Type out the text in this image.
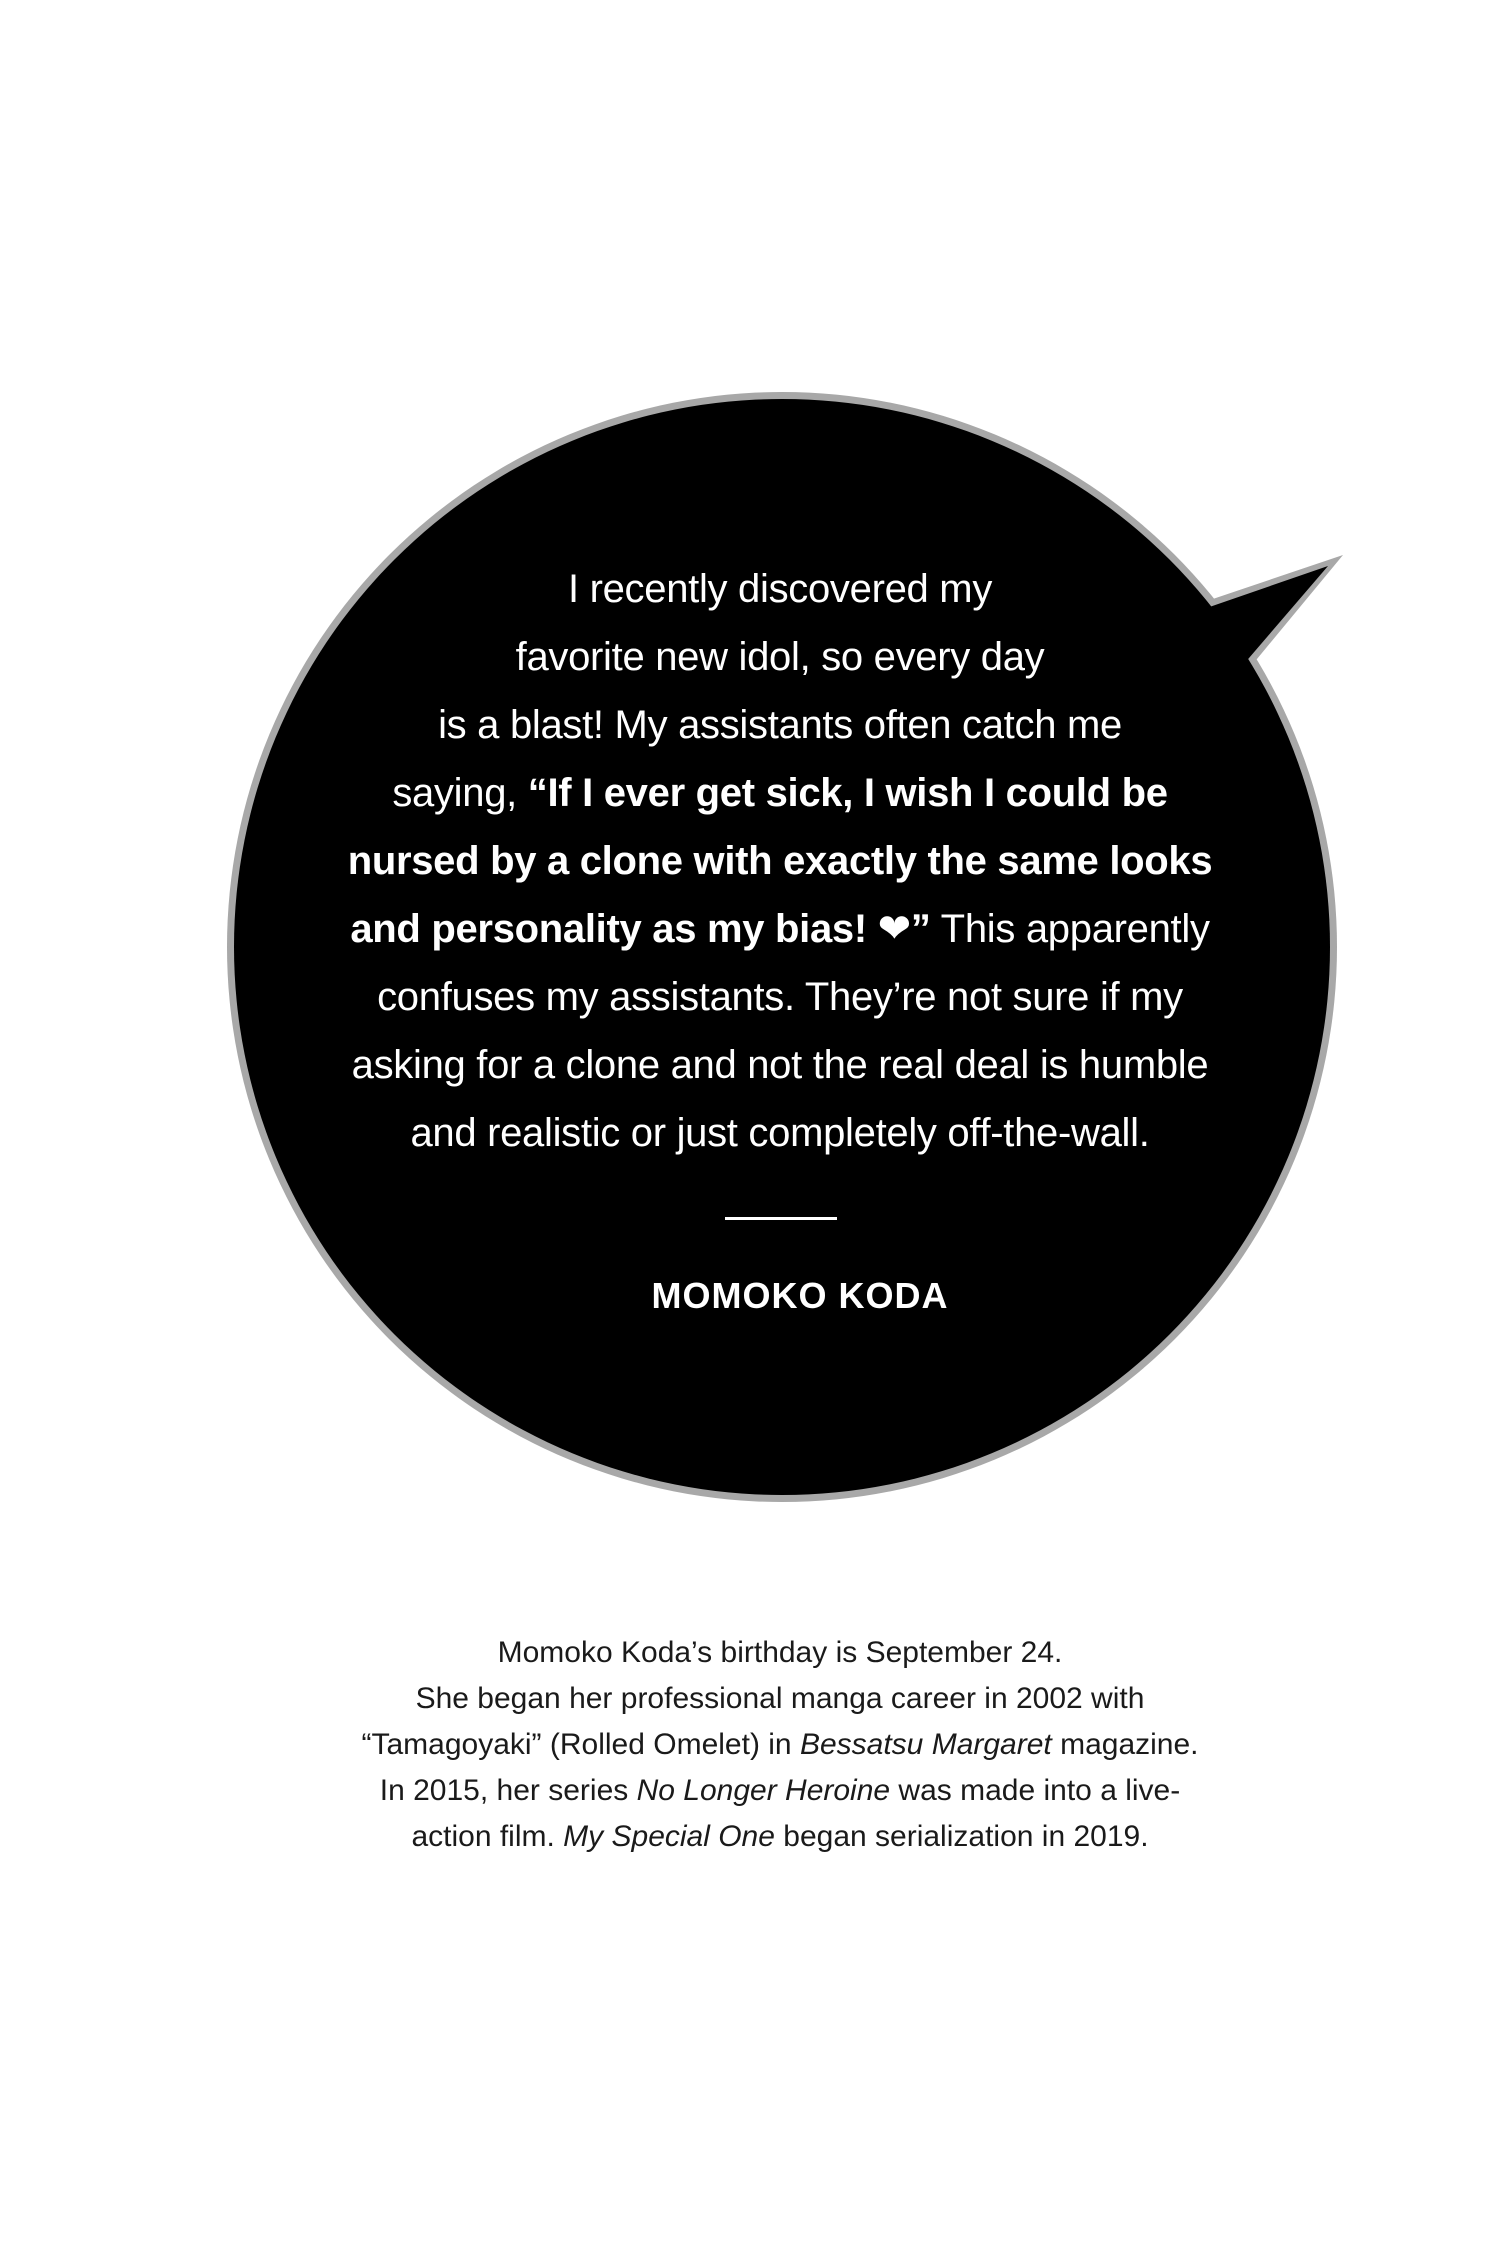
I recently discovered my
favorite new idol, so every day
is a blast! My assistants often catch me
saying, “If I ever get sick, I wish I could be
nursed by a clone with exactly the same looks
and personality as my bias! ❤” This apparently
confuses my assistants. They’re not sure if my
asking for a clone and not the real deal is humble
and realistic or just completely off-the-wall.
MOMOKO KODA
Momoko Koda’s birthday is September 24.
She began her professional manga career in 2002 with
“Tamagoyaki” (Rolled Omelet) in Bessatsu Margaret magazine.
In 2015, her series No Longer Heroine was made into a live-
action film. My Special One began serialization in 2019.
